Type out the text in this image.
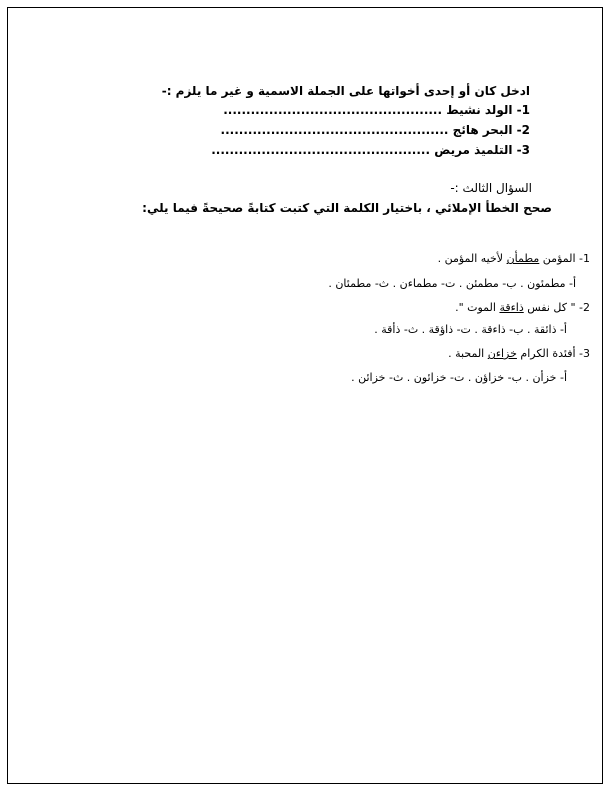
ادخل كان أو إحدى أخواتها على الجملة الاسمية و غير ما يلزم :-
1- الولد نشيط ................................................
2- البحر هائج ..................................................
3- التلميذ مريض ................................................
السؤال الثالث :-
صحح الخطأ الإملائي ، باختيار الكلمة التي كتبت كتابةً صحيحةً فيما يلي:
1- المؤمن مطمأن لأخيه المؤمن .
أ- مطمئون . ب- مطمئن . ت- مطماءن . ث- مطمئان .
2- " كل نفس ذاءقة الموت ".
أ- ذائقة . ب- ذاءقة . ت- ذاؤقة . ث- ذأقة .
3- أفئدة الكرام خزاءن المحبة .
أ- خزأن . ب- خزاؤن . ت- خزائون . ث- خزائن .
